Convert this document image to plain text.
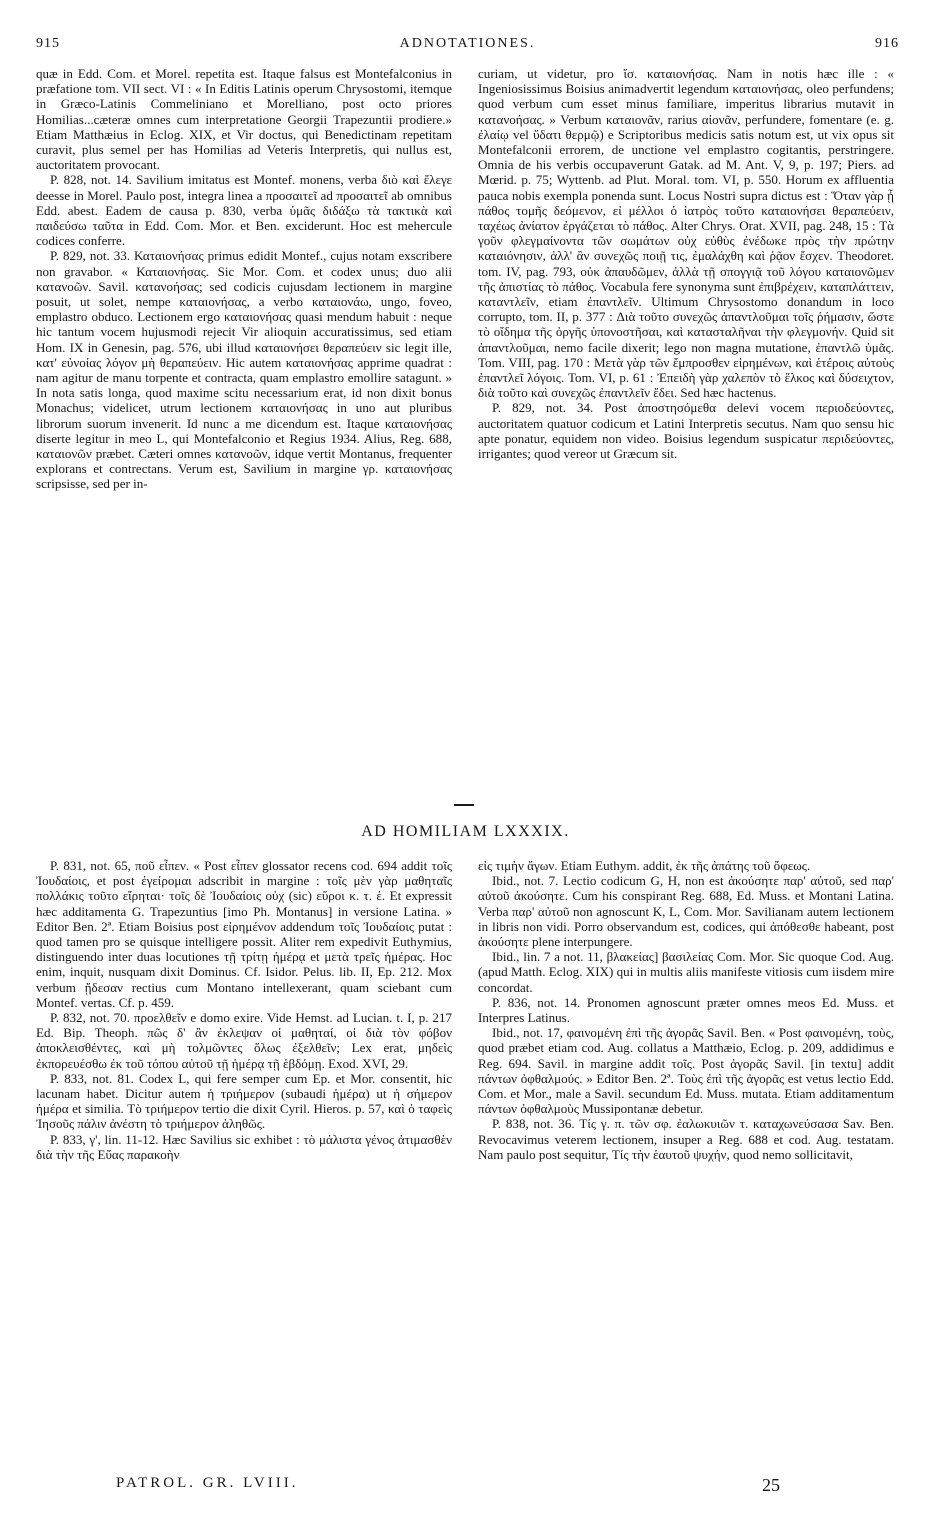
915	ADNOTATIONES.	916

quæ in Edd. Com. et Morel. repetita est. Itaque falsus est Montefalconius in præfatione tom. VII sect. VI : « In Editis Latinis operum Chrysostomi, itemque in Græco-Latinis Commeliniano et Morelliano, post octo priores Homilias...cæteræ omnes cum interpretatione Georgii Trapezuntii prodiere.» Etiam Matthæius in Eclog. XIX, et Vir doctus, qui Benedictinam repetitam curavit, plus semel per has Homilias ad Veteris Interpretis, qui nullus est, auctoritatem provocant.

P. 828, not. 14. Savilium imitatus est Montef. monens, verba διὸ καὶ ἔλεγε deesse in Morel. Paulo post, integra linea a προσαιτεῖ ad προσαιτεῖ ab omnibus Edd. abest. Eadem de causa p. 830, verba ὑμᾶς διδάξω τὰ τακτικὰ καὶ παιδεύσω ταῦτα in Edd. Com. Mor. et Ben. exciderunt. Hoc est mehercule codices conferre.

P. 829, not. 33. Καταιονήσας primus edidit Montef., cujus notam exscribere non gravabor. « Καταιονήσας. Sic Mor. Com. et codex unus; duo alii κατανοῶν. Savil. κατανοήσας; sed codicis cujusdam lectionem in margine posuit, ut solet, nempe καταιονήσας, a verbo καταιονάω, ungo, foveo, emplastro obduco. Lectionem ergo καταιονήσας quasi mendum habuit : neque hic tantum vocem hujusmodi rejecit Vir alioquin accuratissimus, sed etiam Hom. IX in Genesin, pag. 576, ubi illud καταιονήσει θεραπεύειν sic legit ille, κατ' εὐνοίας λόγον μὴ θεραπεύειν. Hic autem καταιονήσας apprime quadrat : nam agitur de manu torpente et contracta, quam emplastro emollire satagunt. » In nota satis longa, quod maxime scitu necessarium erat, id non dixit bonus Monachus; videlicet, utrum lectionem καταιονήσας in uno aut pluribus librorum suorum invenerit. Id nunc a me dicendum est. Itaque καταιονήσας diserte legitur in meo L, qui Montefalconio et Regius 1934. Alius, Reg. 688, καταιονῶν præbet. Cæteri omnes κατανοῶν, idque vertit Montanus, frequenter explorans et contrectans. Verum est, Savilium in margine γρ. καταιονήσας scripsisse, sed per in-

curiam, ut videtur, pro ἴσ. καταιονήσας. Nam in notis hæc ille : « Ingeniosissimus Boisius animadvertit legendum καταιονήσας, oleo perfundens; quod verbum cum esset minus familiare, imperitus librarius mutavit in κατανοήσας. » Verbum καταιονᾶν, rarius αἰονᾶν, perfundere, fomentare (e. g. ἐλαίῳ vel ὕδατι θερμῷ) e Scriptoribus medicis satis notum est, ut vix opus sit Montefalconii errorem, de unctione vel emplastro cogitantis, perstringere. Omnia de his verbis occupaverunt Gatak. ad M. Ant. V, 9, p. 197; Piers. ad Mœrid. p. 75; Wyttenb. ad Plut. Moral. tom. VI, p. 550. Horum ex affluentia pauca nobis exempla ponenda sunt. Locus Nostri supra dictus est : Ὅταν γὰρ ᾖ πάθος τομῆς δεόμενον, εἰ μέλλοι ὁ ἰατρὸς τοῦτο καταιονήσει θεραπεύειν, ταχέως ἀνίατον ἐργάζεται τὸ πάθος. Alter Chrys. Orat. XVII, pag. 248, 15 : Τὰ γοῦν φλεγμαίνοντα τῶν σωμάτων οὐχ εὐθὺς ἐνέδωκε πρὸς τὴν πρώτην καταιόνησιν, ἀλλ' ἂν συνεχῶς ποιῇ τις, ἐμαλάχθη καὶ ῥᾷον ἔσχεν. Theodoret. tom. IV, pag. 793, οὐκ ἀπαυδῶμεν, ἀλλὰ τῇ σπογγιᾷ τοῦ λόγου καταιονῶμεν τῆς ἀπιστίας τὸ πάθος. Vocabula fere synonyma sunt ἐπιβρέχειν, καταπλάττειν, καταντλεῖν, etiam ἐπαντλεῖν. Ultimum Chrysostomo donandum in loco corrupto, tom. II, p. 377 : Διὰ τοῦτο συνεχῶς ἀπαντλοῦμαι τοῖς ῥήμασιν, ὥστε τὸ οἴδημα τῆς ὀργῆς ὑπονοστῆσαι, καὶ κατασταλῆναι τὴν φλεγμονήν. Quid sit ἀπαντλοῦμαι, nemo facile dixerit; lego non magna mutatione, ἐπαντλῶ ὑμᾶς. Tom. VIII, pag. 170 : Μετὰ γὰρ τῶν ἔμπροσθεν εἰρημένων, καὶ ἑτέροις αὐτοὺς ἐπαντλεῖ λόγοις. Tom. VI, p. 61 : Ἐπειδὴ γὰρ χαλεπὸν τὸ ἕλκος καὶ δύσειχτον, διὰ τοῦτο καὶ συνεχῶς ἐπαντλεῖν ἔδει. Sed hæc hactenus.

P. 829, not. 34. Post ἀποστησόμεθα delevi vocem περιοδεύοντες, auctoritatem quatuor codicum et Latini Interpretis secutus. Nam quo sensu hic apte ponatur, equidem non video. Boisius legendum suspicatur περιδεύοντες, irrigantes; quod vereor ut Græcum sit.

AD HOMILIAM LXXXIX.

P. 831, not. 65, ποῦ εἶπεν. « Post εἶπεν glossator recens cod. 694 addit τοῖς Ἰουδαίοις, et post ἐγείρομαι adscribit in margine : τοῖς μὲν γὰρ μαθηταῖς πολλάκις τοῦτο εἴρηται· τοῖς δὲ Ἰουδαίοις οὐχ (sic) εὕροι κ. τ. ἑ. Et expressit hæc additamenta G. Trapezuntius [imo Ph. Montanus] in versione Latina. » Editor Ben. 2ª. Etiam Boisius post εἰρημένον addendum τοῖς Ἰουδαίοις putat : quod tamen pro se quisque intelligere possit. Aliter rem expedivit Euthymius, distinguendo inter duas locutiones τῇ τρίτῃ ἡμέρᾳ et μετὰ τρεῖς ἡμέρας. Hoc enim, inquit, nusquam dixit Dominus. Cf. Isidor. Pelus. lib. II, Ep. 212. Mox verbum ᾔδεσαν rectius cum Montano intellexerant, quam sciebant cum Montef. vertas. Cf. p. 459.

P. 832, not. 70. προελθεῖν e domo exire. Vide Hemst. ad Lucian. t. I, p. 217 Ed. Bip. Theoph. πῶς δ' ἂν ἐκλεψαν οἱ μαθηταί, οἱ διὰ τὸν φόβον ἀποκλεισθέντες, καὶ μὴ τολμῶντες ὅλως ἐξελθεῖν; Lex erat, μηδεὶς ἐκπορευέσθω ἐκ τοῦ τόπου αὐτοῦ τῇ ἡμέρᾳ τῇ ἑβδόμῃ. Exod. XVI, 29.

P. 833, not. 81. Codex L, qui fere semper cum Ep. et Mor. consentit, hic lacunam habet. Dicitur autem ἡ τριήμερον (subaudi ἡμέρα) ut ἡ σήμερον ἡμέρα et similia. Τὸ τριήμερον tertio die dixit Cyril. Hieros. p. 57, καὶ ὁ ταφεὶς Ἰησοῦς πάλιν ἀνέστη τὸ τριήμερον ἀληθῶς.

P. 833, γ', lin. 11-12. Hæc Savilius sic exhibet : τὸ μάλιστα γένος ἀτιμασθὲν διὰ τὴν τῆς Εὔας παρακοὴν

εἰς τιμὴν ἄγων. Etiam Euthym. addit, ἐκ τῆς ἀπάτης τοῦ ὄφεως.

Ibid., not. 7. Lectio codicum G, H, non est ἀκούσητε παρ' αὐτοῦ, sed παρ' αὐτοῦ ἀκούσητε. Cum his conspirant Reg. 688, Ed. Muss. et Montani Latina. Verba παρ' αὐτοῦ non agnoscunt K, L, Com. Mor. Savilianam autem lectionem in libris non vidi. Porro observandum est, codices, qui ἀπόθεσθε habeant, post ἀκούσητε plene interpungere.

Ibid., lin. 7 a not. 11, βλακείας] βασιλείας Com. Mor. Sic quoque Cod. Aug. (apud Matth. Eclog. XIX) qui in multis aliis manifeste vitiosis cum iisdem mire concordat.

P. 836, not. 14. Pronomen agnoscunt præter omnes meos Ed. Muss. et Interpres Latinus.

Ibid., not. 17, φαινομένη ἐπὶ τῆς ἀγορᾶς Savil. Ben. « Post φαινομένη, τοὺς, quod præbet etiam cod. Aug. collatus a Matthæio, Eclog. p. 209, addidimus e Reg. 694. Savil. in margine addit τοῖς. Post ἀγορᾶς Savil. [in textu] addit πάντων ὀφθαλμούς. » Editor Ben. 2ª. Τοὺς ἐπὶ τῆς ἀγορᾶς est vetus lectio Edd. Com. et Mor., male a Savil. secundum Ed. Muss. mutata. Etiam additamentum πάντων ὀφθαλμοὺς Mussipontanæ debetur.

P. 838, not. 36. Τίς γ. π. τῶν σφ. ἐαλωκυιῶν τ. καταχωνεύσασα Sav. Ben. Revocavimus veterem lectionem, insuper a Reg. 688 et cod. Aug. testatam. Nam paulo post sequitur, Τίς τὴν ἑαυτοῦ ψυχήν, quod nemo sollicitavit,

PATROL. GR. LVIII.	25
